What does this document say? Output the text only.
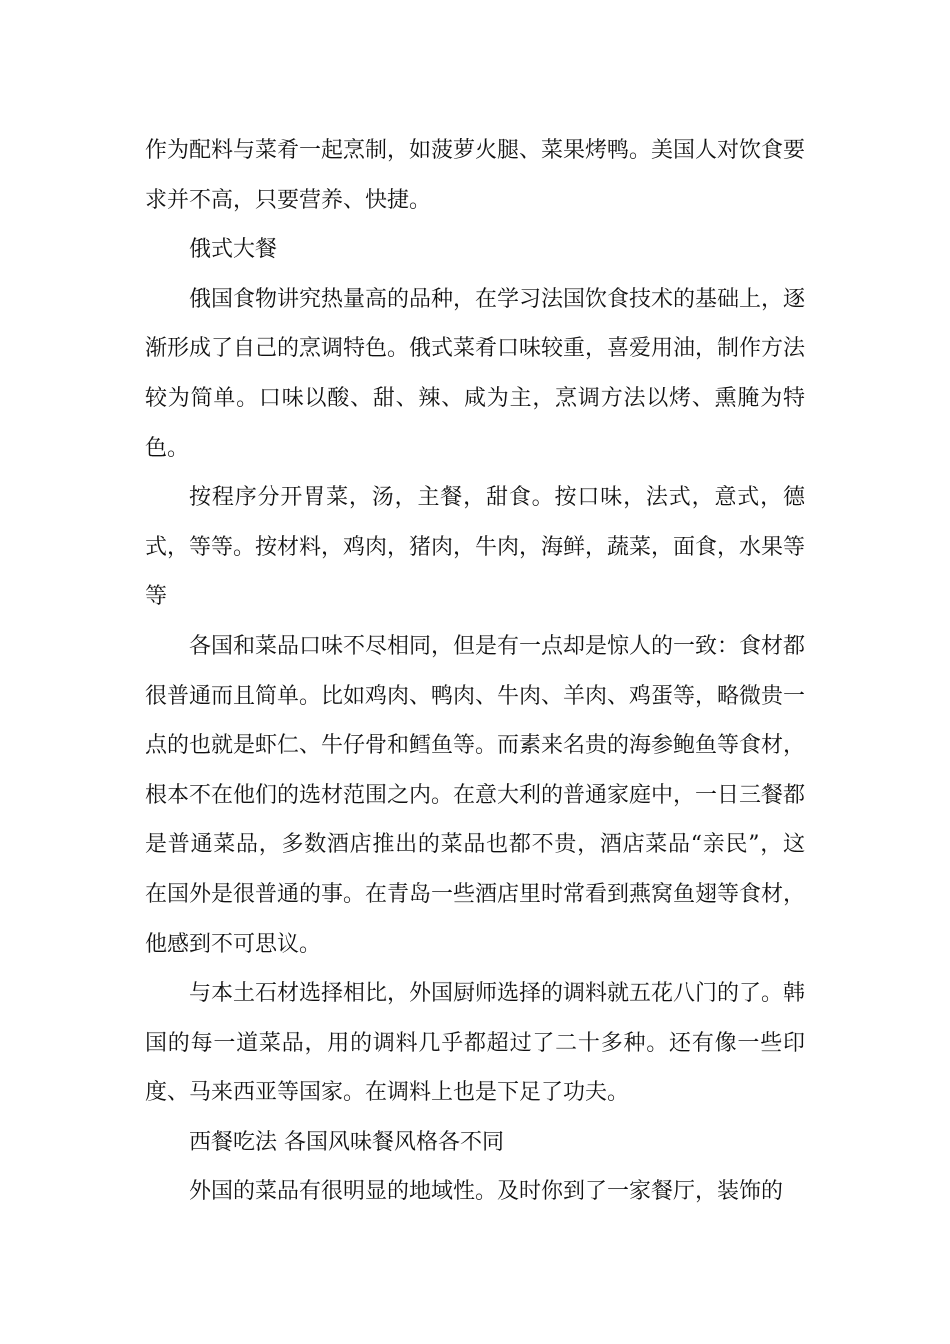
作为配料与菜肴一起烹制，如菠萝火腿、菜果烤鸭。美国人对饮食要求并不高，只要营养、快捷。

俄式大餐

俄国食物讲究热量高的品种，在学习法国饮食技术的基础上，逐渐形成了自己的烹调特色。俄式菜肴口味较重，喜爱用油，制作方法较为简单。口味以酸、甜、辣、咸为主，烹调方法以烤、熏腌为特色。

按程序分开胃菜，汤，主餐，甜食。按口味，法式，意式，德式，等等。按材料，鸡肉，猪肉，牛肉，海鲜，蔬菜，面食，水果等等

各国和菜品口味不尽相同，但是有一点却是惊人的一致：食材都很普通而且简单。比如鸡肉、鸭肉、牛肉、羊肉、鸡蛋等，略微贵一点的也就是虾仁、牛仔骨和鳕鱼等。而素来名贵的海参鲍鱼等食材，根本不在他们的选材范围之内。在意大利的普通家庭中，一日三餐都是普通菜品，多数酒店推出的菜品也都不贵，酒店菜品“亲民”，这在国外是很普通的事。在青岛一些酒店里时常看到燕窝鱼翅等食材，他感到不可思议。

与本土石材选择相比，外国厨师选择的调料就五花八门的了。韩国的每一道菜品，用的调料几乎都超过了二十多种。还有像一些印度、马来西亚等国家。在调料上也是下足了功夫。

西餐吃法 各国风味餐风格各不同

外国的菜品有很明显的地域性。及时你到了一家餐厅，装饰的
